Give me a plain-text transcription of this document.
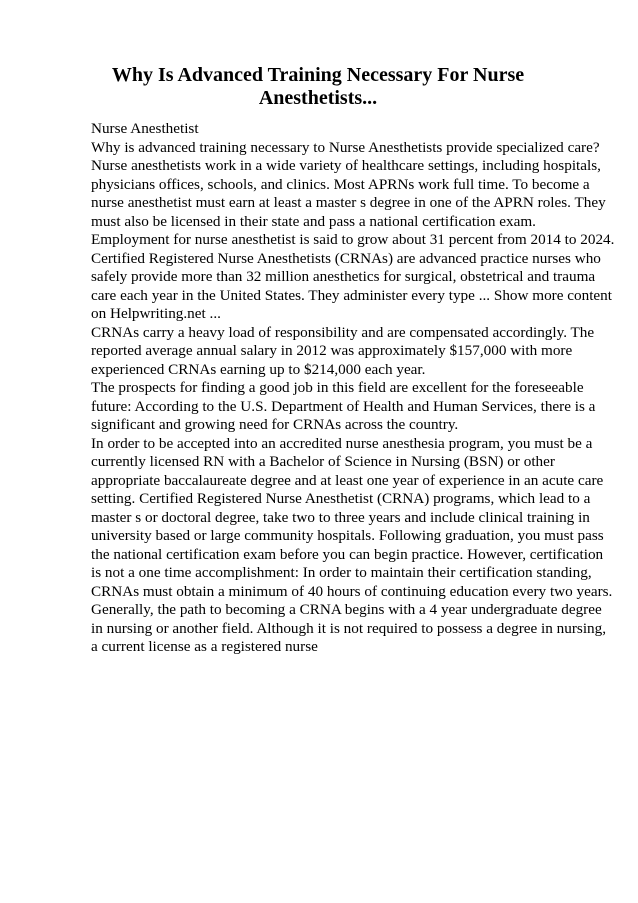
Why Is Advanced Training Necessary For Nurse
Anesthetists...
Nurse Anesthetist
Why is advanced training necessary to Nurse Anesthetists provide specialized care?
Nurse anesthetists work in a wide variety of healthcare settings, including hospitals,
physicians offices, schools, and clinics. Most APRNs work full time. To become a
nurse anesthetist must earn at least a master s degree in one of the APRN roles. They
must also be licensed in their state and pass a national certification exam.
Employment for nurse anesthetist is said to grow about 31 percent from 2014 to 2024.
Certified Registered Nurse Anesthetists (CRNAs) are advanced practice nurses who
safely provide more than 32 million anesthetics for surgical, obstetrical and trauma
care each year in the United States. They administer every type ... Show more content
on Helpwriting.net ...
CRNAs carry a heavy load of responsibility and are compensated accordingly. The
reported average annual salary in 2012 was approximately $157,000 with more
experienced CRNAs earning up to $214,000 each year.
The prospects for finding a good job in this field are excellent for the foreseeable
future: According to the U.S. Department of Health and Human Services, there is a
significant and growing need for CRNAs across the country.
In order to be accepted into an accredited nurse anesthesia program, you must be a
currently licensed RN with a Bachelor of Science in Nursing (BSN) or other
appropriate baccalaureate degree and at least one year of experience in an acute care
setting. Certified Registered Nurse Anesthetist (CRNA) programs, which lead to a
master s or doctoral degree, take two to three years and include clinical training in
university based or large community hospitals. Following graduation, you must pass
the national certification exam before you can begin practice. However, certification
is not a one time accomplishment: In order to maintain their certification standing,
CRNAs must obtain a minimum of 40 hours of continuing education every two years.
Generally, the path to becoming a CRNA begins with a 4 year undergraduate degree
in nursing or another field. Although it is not required to possess a degree in nursing,
a current license as a registered nurse
